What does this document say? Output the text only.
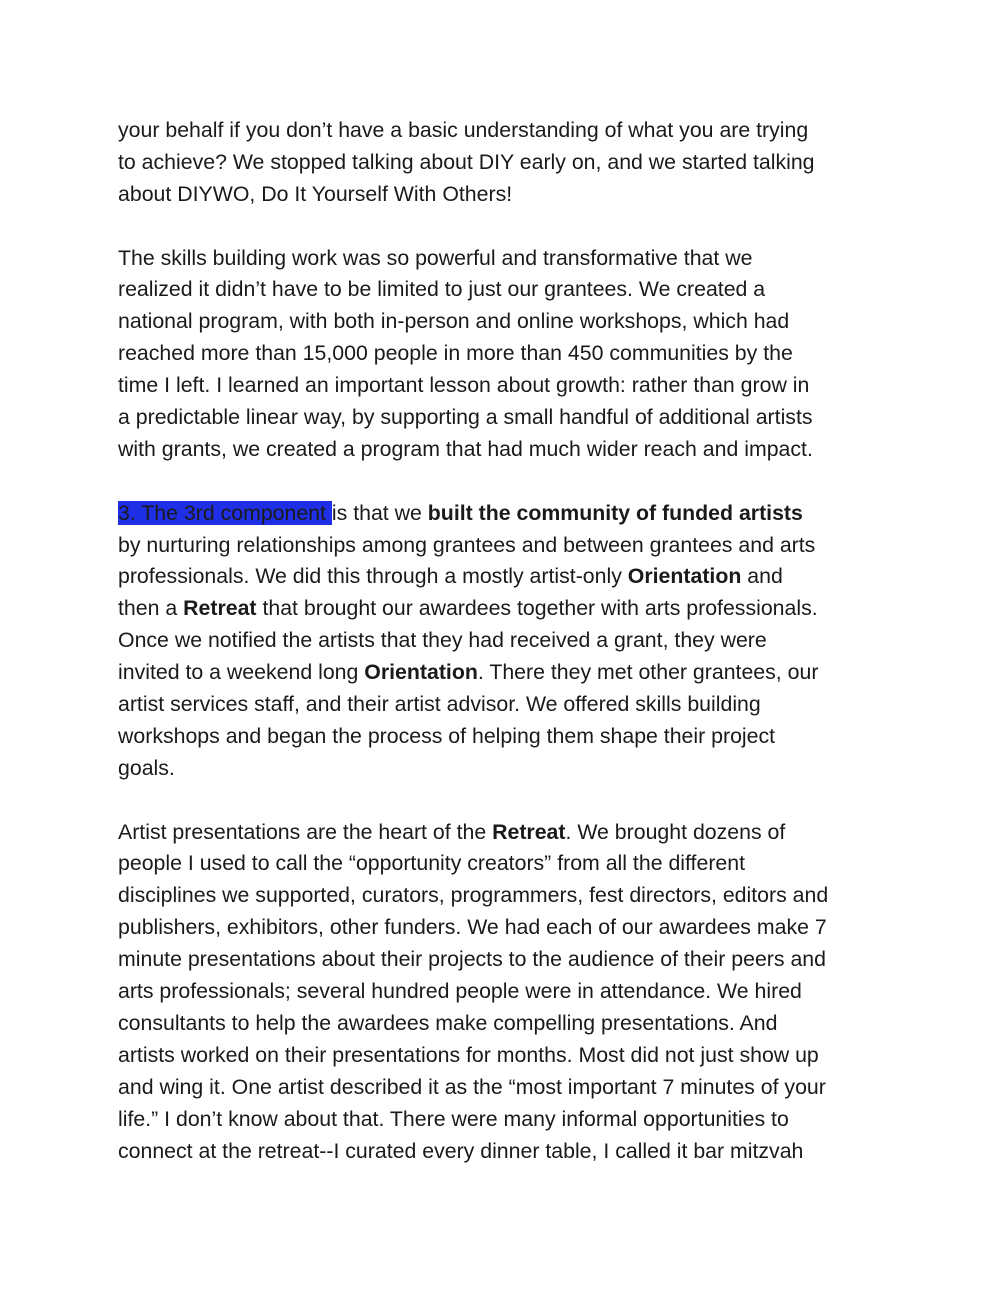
your behalf if you don’t have a basic understanding of what you are trying
to achieve? We stopped talking about DIY early on, and we started talking
about DIYWO, Do It Yourself With Others!
The skills building work was so powerful and transformative that we
realized it didn’t have to be limited to just our grantees. We created a
national program, with both in-person and online workshops, which had
reached more than 15,000 people in more than 450 communities by the
time I left. I learned an important lesson about growth: rather than grow in
a predictable linear way, by supporting a small handful of additional artists
with grants, we created a program that had much wider reach and impact.
3. The 3rd component is that we built the community of funded artists
by nurturing relationships among grantees and between grantees and arts
professionals. We did this through a mostly artist-only Orientation and
then a Retreat that brought our awardees together with arts professionals.
Once we notified the artists that they had received a grant, they were
invited to a weekend long Orientation. There they met other grantees, our
artist services staff, and their artist advisor. We offered skills building
workshops and began the process of helping them shape their project
goals.
Artist presentations are the heart of the Retreat. We brought dozens of
people I used to call the “opportunity creators” from all the different
disciplines we supported, curators, programmers, fest directors, editors and
publishers, exhibitors, other funders. We had each of our awardees make 7
minute presentations about their projects to the audience of their peers and
arts professionals; several hundred people were in attendance. We hired
consultants to help the awardees make compelling presentations. And
artists worked on their presentations for months. Most did not just show up
and wing it. One artist described it as the “most important 7 minutes of your
life.” I don’t know about that. There were many informal opportunities to
connect at the retreat--I curated every dinner table, I called it bar mitzvah
